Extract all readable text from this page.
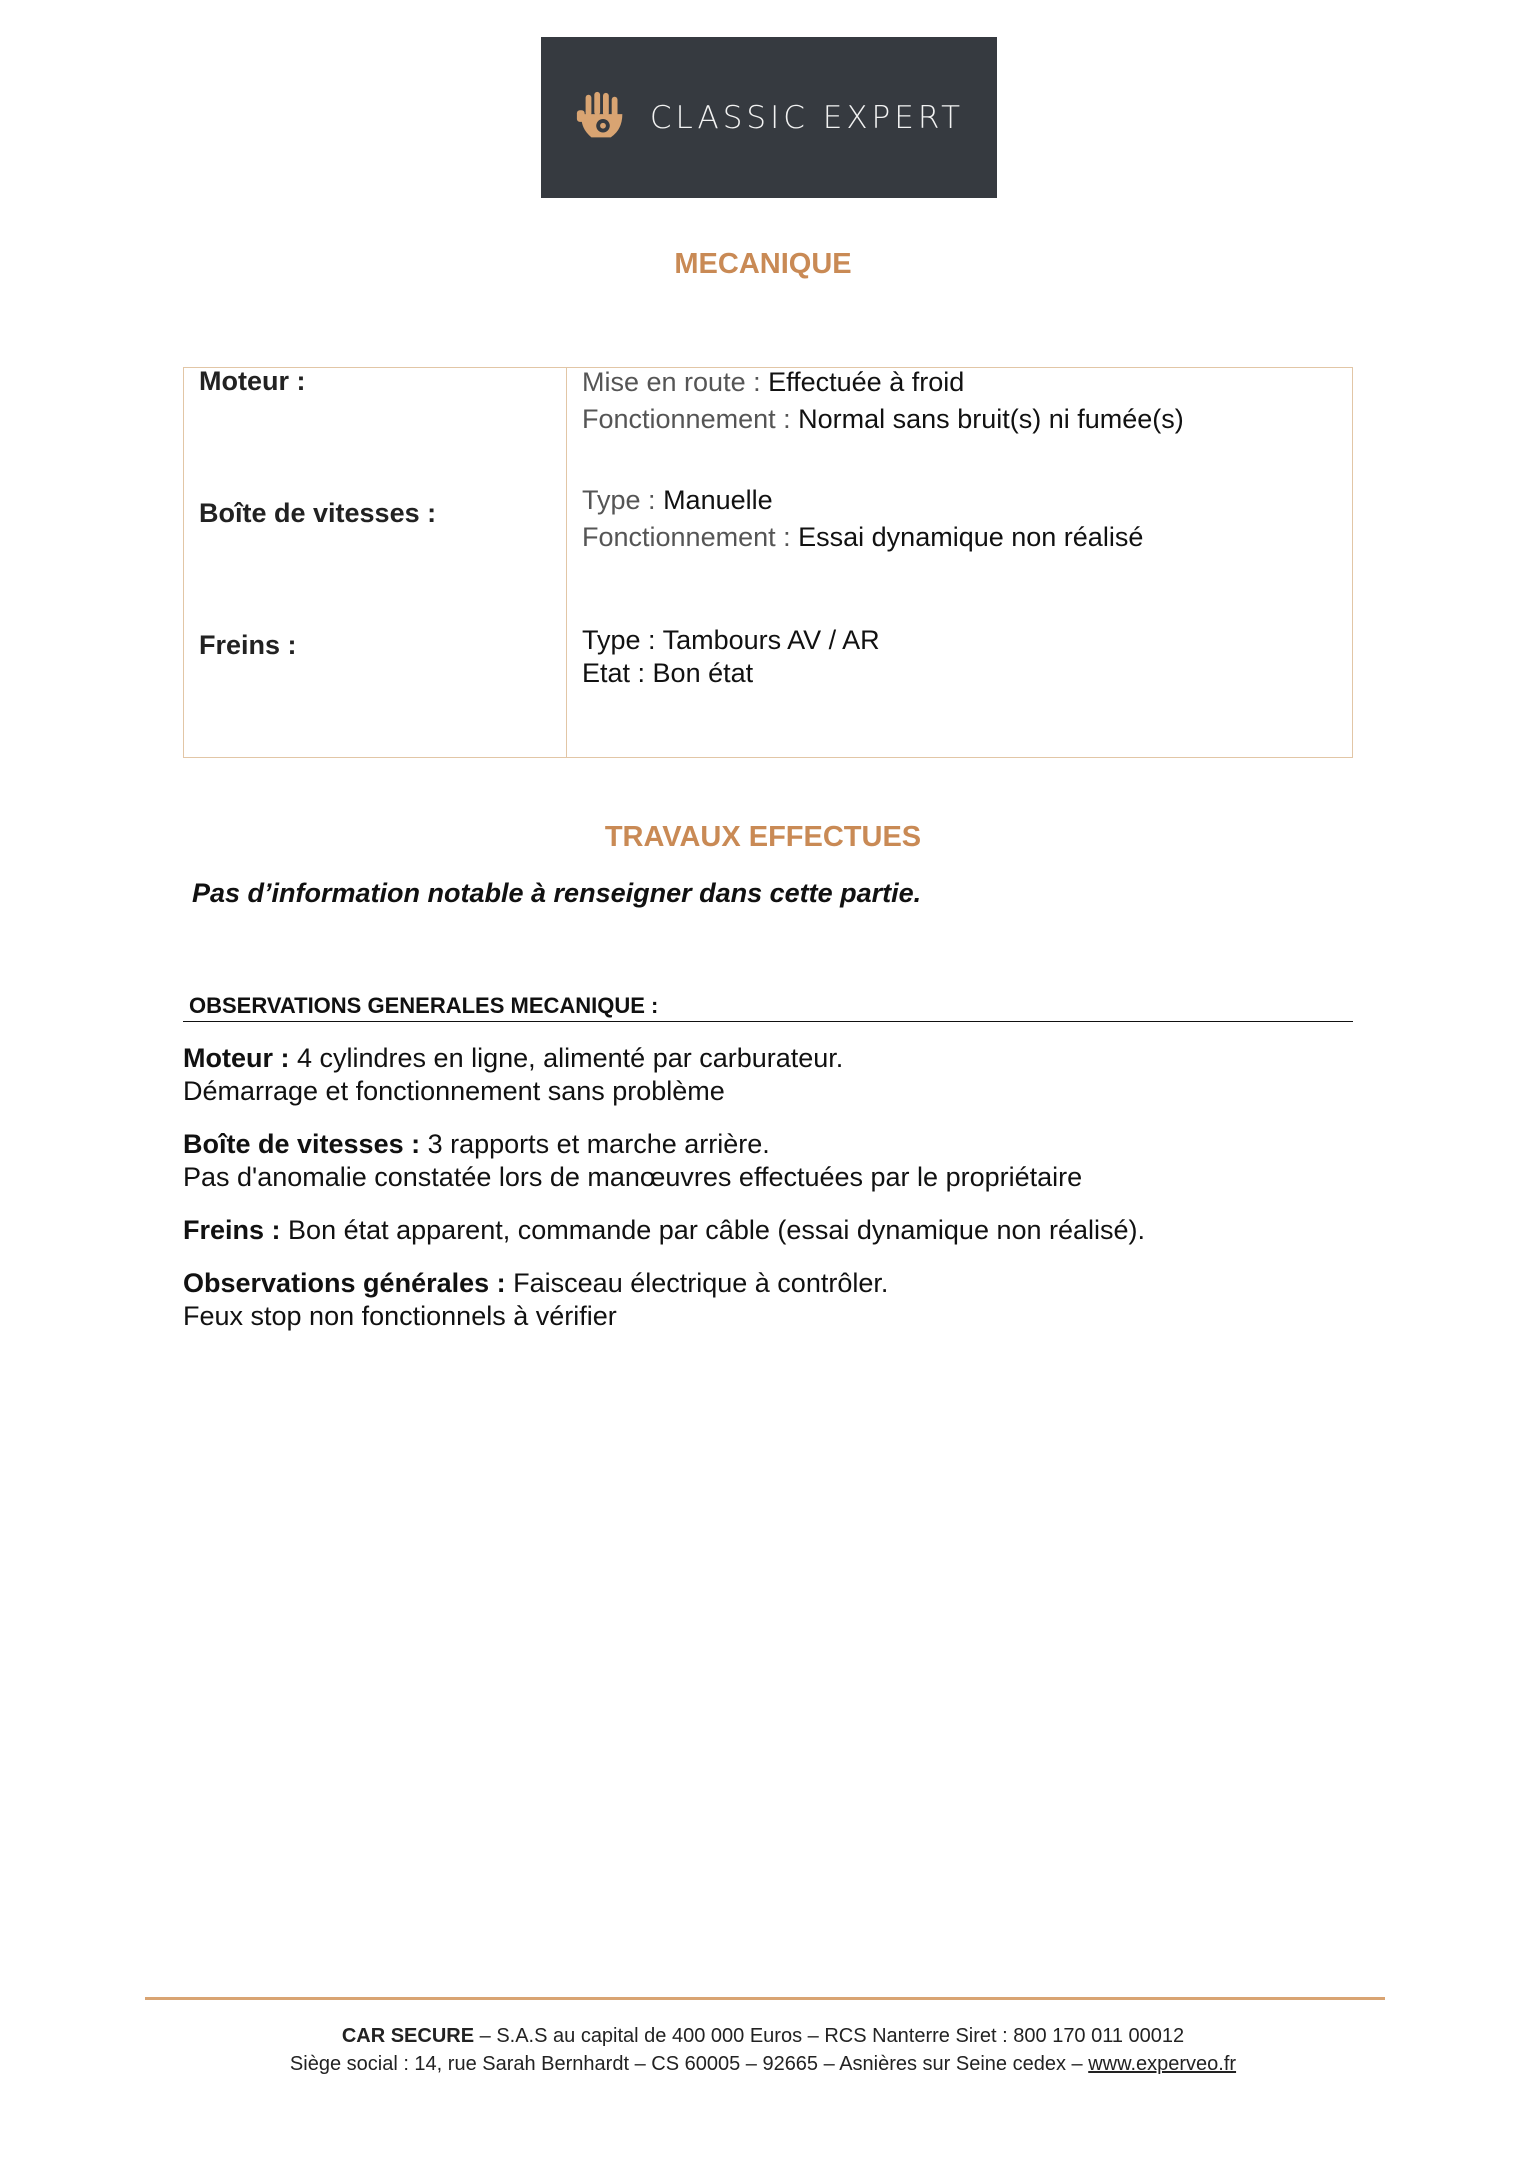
CLASSIC EXPERT
MECANIQUE

Moteur :	Mise en route : Effectuée à froid
Fonctionnement : Normal sans bruit(s) ni fumée(s)

Boîte de vitesses :	Type : Manuelle
Fonctionnement : Essai dynamique non réalisé

Freins :	Type : Tambours AV / AR
Etat : Bon état
TRAVAUX EFFECTUES

Pas d’information notable à renseigner dans cette partie.

OBSERVATIONS GENERALES MECANIQUE :

Moteur : 4 cylindres en ligne, alimenté par carburateur.
Démarrage et fonctionnement sans problème
Boîte de vitesses : 3 rapports et marche arrière.
Pas d'anomalie constatée lors de manœuvres effectuées par le propriétaire
Freins : Bon état apparent, commande par câble (essai dynamique non réalisé).
Observations générales : Faisceau électrique à contrôler.
Feux stop non fonctionnels à vérifier
CAR SECURE – S.A.S au capital de 400 000 Euros – RCS Nanterre Siret : 800 170 011 00012
Siège social : 14, rue Sarah Bernhardt – CS 60005 – 92665 – Asnières sur Seine cedex – www.experveo.fr
